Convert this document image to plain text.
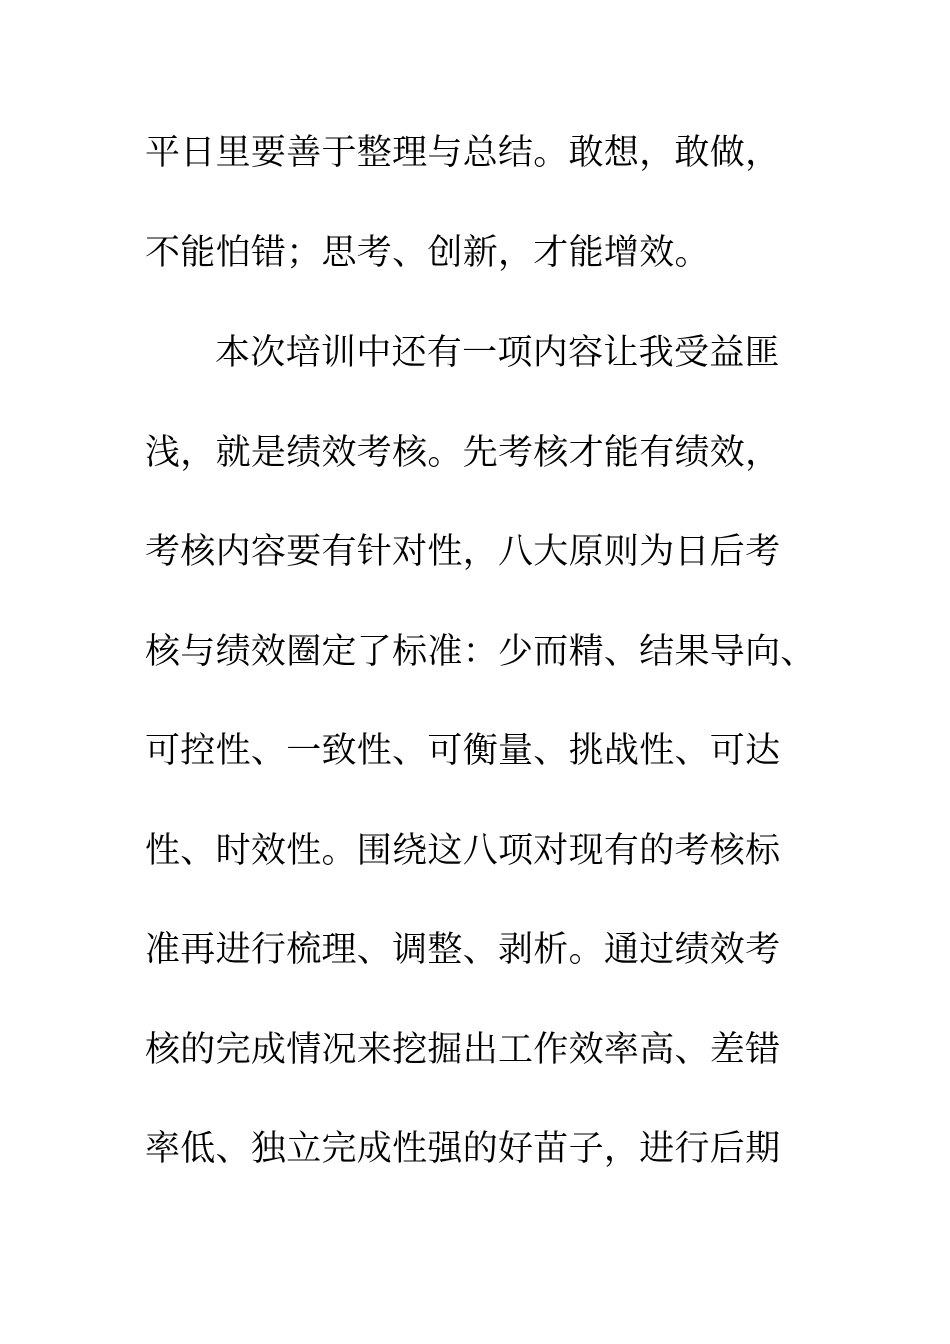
平日里要善于整理与总结。敢想，敢做，
不能怕错；思考、创新，才能增效。
本次培训中还有一项内容让我受益匪
浅，就是绩效考核。先考核才能有绩效，
考核内容要有针对性，八大原则为日后考
核与绩效圈定了标准：少而精、结果导向、
可控性、一致性、可衡量、挑战性、可达
性、时效性。围绕这八项对现有的考核标
准再进行梳理、调整、剥析。通过绩效考
核的完成情况来挖掘出工作效率高、差错
率低、独立完成性强的好苗子，进行后期
